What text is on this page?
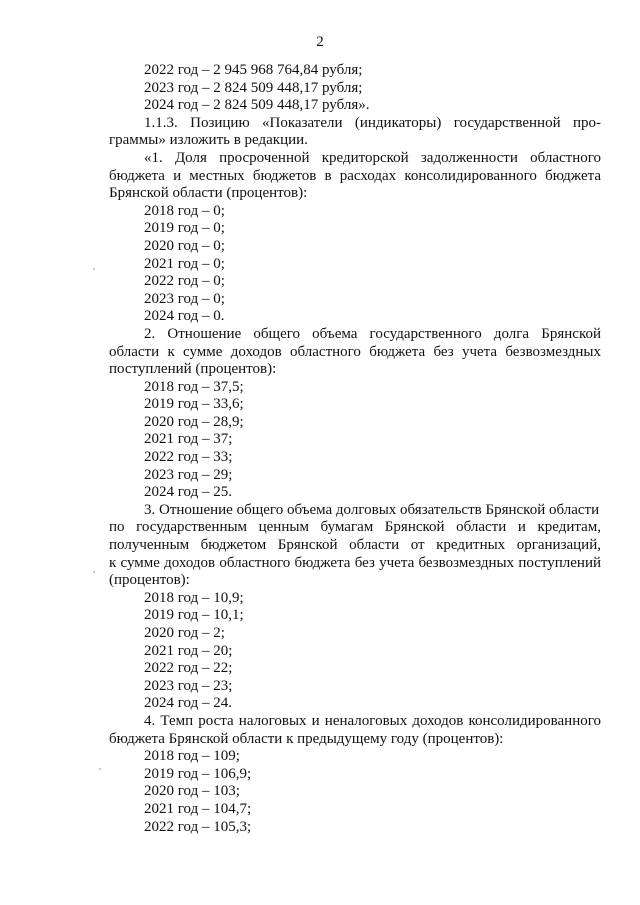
2
2022 год – 2 945 968 764,84 рубля;
2023 год – 2 824 509 448,17 рубля;
2024 год – 2 824 509 448,17 рубля».
1.1.3. Позицию «Показатели (индикаторы) государственной про-
граммы» изложить в редакции.
«1. Доля просроченной кредиторской задолженности областного
бюджета и местных бюджетов в расходах консолидированного бюджета
Брянской области (процентов):
2018 год – 0;
2019 год – 0;
2020 год – 0;
2021 год – 0;
2022 год – 0;
2023 год – 0;
2024 год – 0.
2. Отношение общего объема государственного долга Брянской
области к сумме доходов областного бюджета без учета безвозмездных
поступлений (процентов):
2018 год – 37,5;
2019 год – 33,6;
2020 год – 28,9;
2021 год – 37;
2022 год – 33;
2023 год – 29;
2024 год – 25.
3. Отношение общего объема долговых обязательств Брянской области
по государственным ценным бумагам Брянской области и кредитам,
полученным бюджетом Брянской области от кредитных организаций,
к сумме доходов областного бюджета без учета безвозмездных поступлений
(процентов):
2018 год – 10,9;
2019 год – 10,1;
2020 год – 2;
2021 год – 20;
2022 год – 22;
2023 год – 23;
2024 год – 24.
4. Темп роста налоговых и неналоговых доходов консолидированного
бюджета Брянской области к предыдущему году (процентов):
2018 год – 109;
2019 год – 106,9;
2020 год – 103;
2021 год – 104,7;
2022 год – 105,3;
